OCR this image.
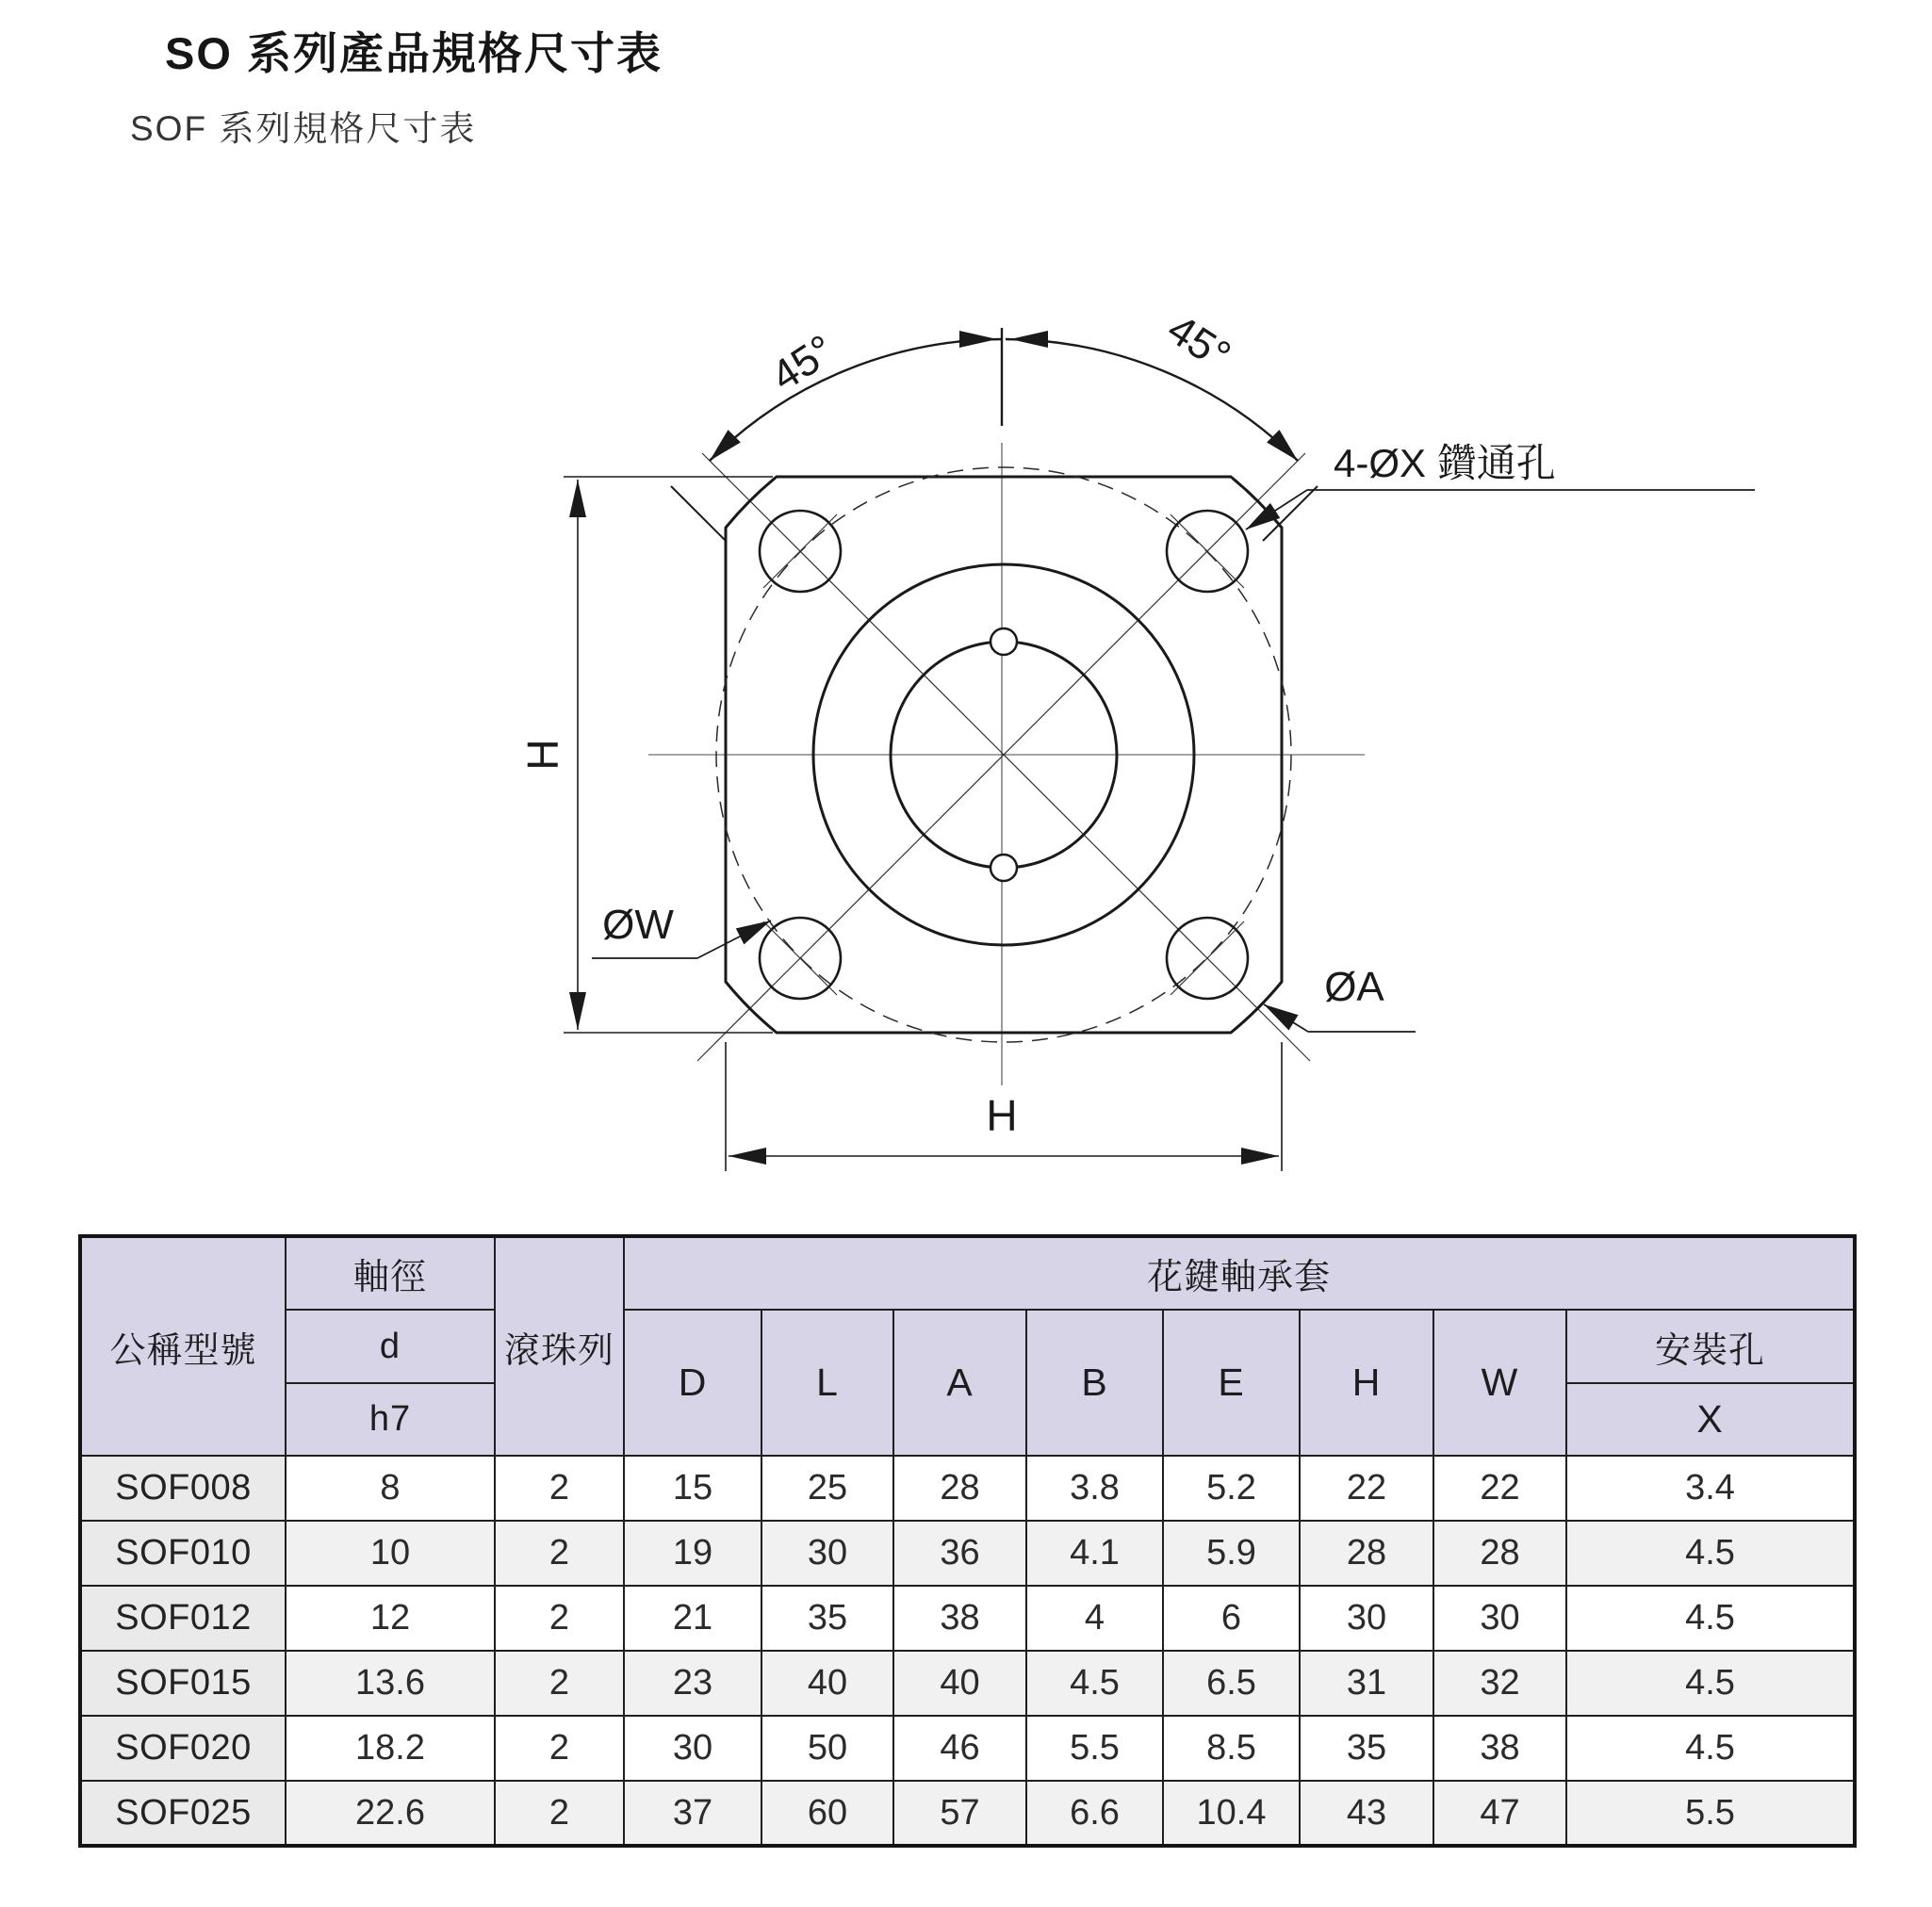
SO 系列產品規格尺寸表
SOF 系列規格尺寸表
45°	45°
4-ØX 鑽通孔
ØW
ØA
H
H
公稱型號	軸徑	滾珠列	花鍵軸承套							
	d		D	L	A	B	E	H	W	安裝孔
	h7									X
SOF008	8	2	15	25	28	3.8	5.2	22	22	3.4
SOF010	10	2	19	30	36	4.1	5.9	28	28	4.5
SOF012	12	2	21	35	38	4	6	30	30	4.5
SOF015	13.6	2	23	40	40	4.5	6.5	31	32	4.5
SOF020	18.2	2	30	50	46	5.5	8.5	35	38	4.5
SOF025	22.6	2	37	60	57	6.6	10.4	43	47	5.5
